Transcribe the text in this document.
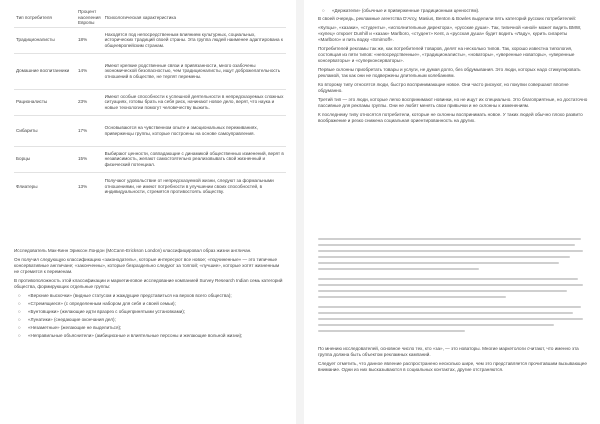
Тип потребителя	Процент населения Европы	Психологическая характеристика
Традиционалисты	18%	Находятся под непосредственным влиянием культурных, социальных, исторических традиций своей страны. Эта группа людей наименее адаптирована к общеевропейским странам.
Домашние воспитанники	14%	Имеют крепкие родственные связи и привязанности, много озабочены экономической безопасностью, чем традиционалисты, ищут доброжелательность отношений в обществе, не терпят перемены.
Рационалисты	23%	Имеют особые способности к успешной деятельности в непредсказуемых сложных ситуациях, готовы брать на себя риск, начинают новое дело, верят, что наука и новые технологии помогут человечеству выжить.
Сибариты	17%	Основываются на чувственном опыте и эмоциональных переживаниях, приверженцы группы, которые построены на основе самоуправления.
Борцы	15%	Выбирают ценности, совпадающие с динамикой общественных изменений, верят в независимость, желают самостоятельно реализовывать свой жизненный и физический потенциал.
Флиатеры	13%	Получают удовольствие от непредсказуемой жизни, следуют за формальными отношениями, не имеют потребности в улучшении своих способностей, в индивидуальности, стремятся противостоять обществу.

Исследователь Мак-Кинн Эриксон Лондон (McCann-Erickson London) классифицировал образ жизни англичан.

Он получил следующую классификацию «законодатель», которые интересуют все новое; «подчиненные» — это типичные консервативные англичане; «законченны», которые безраздельно следуют за толпой; «лучшие», которые хотят жизненным не стремится к переменам.

В противоположность этой классификации и маркетинговое исследование компанией Survey Research Indian семь категорий общества, формирующих отдельные группы:

○ «Верхние выскочки» (видные статусом и жаждущие представиться на верхов всего общества);
○ «Стремящиеся» (с определенным набором для себя и своей семьи);
○ «Бунтовщики» (желающие идти вразрез с общепринятыми установками);
○ «Лунатики» (снедающие окончания дел);
○ «Незаметные» (желающие не выделиться);
○ «Неправильные объяснители» (амбициозные и влиятельные персоны и желающие вольной жизни);
○ «Держатели» (обычные и приверженные традиционным ценностям).

В своей очередь, рекламные агентства D'Arcy, Masius, Benton & Bowles выделили пять категорий русских потребителей:

«Купцы», «казаки», «студенты», «исполнительные директора», «русские души». Так, типичной «иной» может видеть BMW, «купец» откроет Dunhill и «казак» Marlboro, «студент» Kent, а «русская душа» будет водить «Ладу», курить сигареты «Marlboro» и пить водку «Smirnoff».

Потребителей рекламы так же, как потребителей товаров, делят на несколько типов. Так, хорошо известна типология, состоящая из пяти типов: «непосредственные», «традиционалисты», «новаторы», «уверенные новаторы», «уверенные консерваторы» и «суперконсерваторы».

Первые склонны приобретать товары и услуги, не думая долго, без обдумывания. Это люди, которых надо стимулировать рекламой, так как они не подвержены длительным колебаниям.

Ко второму типу относятся люди, быстро воспринимающие новое. Они часто рискуют, но покупки совершают вполне обдуманно.

Третий тип — это люди, которые легко воспринимают новинки, но не ищут их специально. Это благоприятные, но достаточно пассивные для рекламы группы. Они не любят менять свои привычки и не склонны к изменениям.

К последнему типу относятся потребители, которые не склонны воспринимать новое. У таких людей обычно плохо развито воображение и резко снижена социальная ориентированность на других.

По мнению исследователей, основное число тех, кто «за», — это новаторы. Многие маркетологи считают, что именно эта группа должна быть объектом рекламных кампаний.

Следует отметить, что данное явление распространено несколько шире, чем это представляется прочитавшим вызывающее внимание. Одни из них высказываются в социальных контактах, другие отстраняются.
